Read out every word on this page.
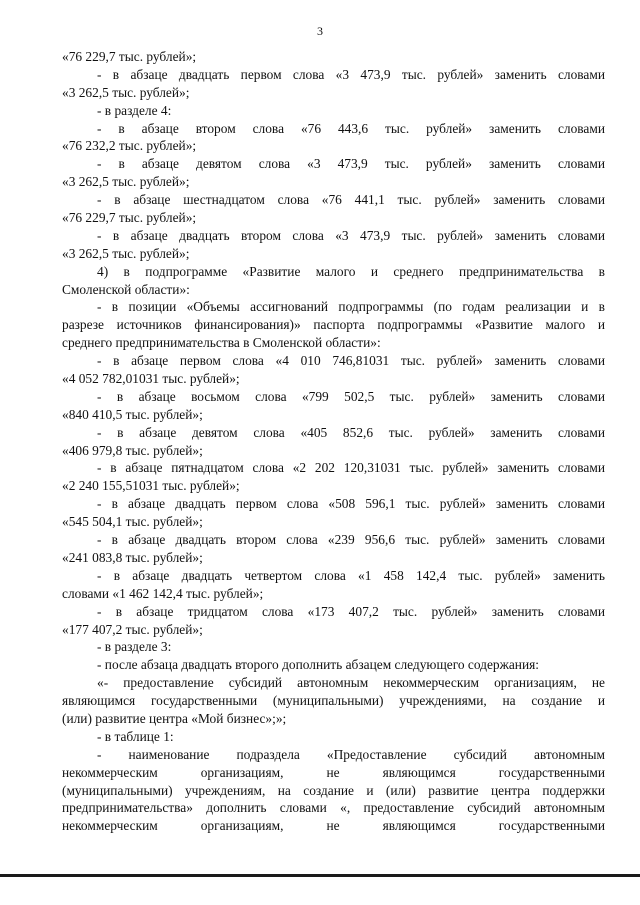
3
«76 229,7 тыс. рублей»;
- в абзаце двадцать первом слова «3 473,9 тыс. рублей» заменить словами
«3 262,5 тыс. рублей»;
- в разделе 4:
- в абзаце втором слова «76 443,6 тыс. рублей» заменить словами
«76 232,2 тыс. рублей»;
- в абзаце девятом слова «3 473,9 тыс. рублей» заменить словами
«3 262,5 тыс. рублей»;
- в абзаце шестнадцатом слова «76 441,1 тыс. рублей» заменить словами
«76 229,7 тыс. рублей»;
- в абзаце двадцать втором слова «3 473,9 тыс. рублей» заменить словами
«3 262,5 тыс. рублей»;
4) в подпрограмме «Развитие малого и среднего предпринимательства в
Смоленской области»:
- в позиции «Объемы ассигнований подпрограммы (по годам реализации и в
разрезе источников финансирования)» паспорта подпрограммы «Развитие малого и
среднего предпринимательства в Смоленской области»:
- в абзаце первом слова «4 010 746,81031 тыс. рублей» заменить словами
«4 052 782,01031 тыс. рублей»;
- в абзаце восьмом слова «799 502,5 тыс. рублей» заменить словами
«840 410,5 тыс. рублей»;
- в абзаце девятом слова «405 852,6 тыс. рублей» заменить словами
«406 979,8 тыс. рублей»;
- в абзаце пятнадцатом слова «2 202 120,31031 тыс. рублей» заменить словами
«2 240 155,51031 тыс. рублей»;
- в абзаце двадцать первом слова «508 596,1 тыс. рублей» заменить словами
«545 504,1 тыс. рублей»;
- в абзаце двадцать втором слова «239 956,6 тыс. рублей» заменить словами
«241 083,8 тыс. рублей»;
- в абзаце двадцать четвертом слова «1 458 142,4 тыс. рублей» заменить
словами «1 462 142,4 тыс. рублей»;
- в абзаце тридцатом слова «173 407,2 тыс. рублей» заменить словами
«177 407,2 тыс. рублей»;
- в разделе 3:
- после абзаца двадцать второго дополнить абзацем следующего содержания:
«- предоставление субсидий автономным некоммерческим организациям, не
являющимся государственными (муниципальными) учреждениями, на создание и
(или) развитие центра «Мой бизнес»;»;
- в таблице 1:
- наименование подраздела «Предоставление субсидий автономным
некоммерческим организациям, не являющимся государственными
(муниципальными) учреждениям, на создание и (или) развитие центра поддержки
предпринимательства» дополнить словами «, предоставление субсидий автономным
некоммерческим организациям, не являющимся государственными
